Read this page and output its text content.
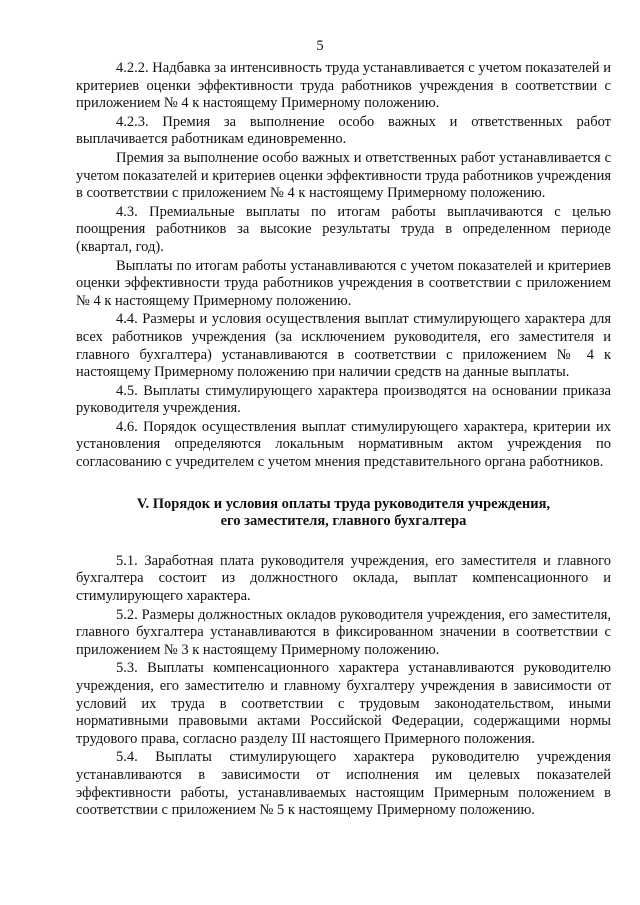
5

4.2.2. Надбавка за интенсивность труда устанавливается с учетом показателей и критериев оценки эффективности труда работников учреждения в соответствии с приложением № 4 к настоящему Примерному положению.

4.2.3. Премия за выполнение особо важных и ответственных работ выплачивается работникам единовременно.

Премия за выполнение особо важных и ответственных работ устанавливается с учетом показателей и критериев оценки эффективности труда работников учреждения в соответствии с приложением № 4 к настоящему Примерному положению.

4.3. Премиальные выплаты по итогам работы выплачиваются с целью поощрения работников за высокие результаты труда в определенном периоде (квартал, год).

Выплаты по итогам работы устанавливаются с учетом показателей и критериев оценки эффективности труда работников учреждения в соответствии с приложением № 4 к настоящему Примерному положению.

4.4. Размеры и условия осуществления выплат стимулирующего характера для всех работников учреждения (за исключением руководителя, его заместителя и главного бухгалтера) устанавливаются в соответствии с приложением № 4 к настоящему Примерному положению при наличии средств на данные выплаты.

4.5. Выплаты стимулирующего характера производятся на основании приказа руководителя учреждения.

4.6. Порядок осуществления выплат стимулирующего характера, критерии их установления определяются локальным нормативным актом учреждения по согласованию с учредителем с учетом мнения представительного органа работников.

V. Порядок и условия оплаты труда руководителя учреждения,
его заместителя, главного бухгалтера

5.1. Заработная плата руководителя учреждения, его заместителя и главного бухгалтера состоит из должностного оклада, выплат компенсационного и стимулирующего характера.

5.2. Размеры должностных окладов руководителя учреждения, его заместителя, главного бухгалтера устанавливаются в фиксированном значении в соответствии с приложением № 3 к настоящему Примерному положению.

5.3. Выплаты компенсационного характера устанавливаются руководителю учреждения, его заместителю и главному бухгалтеру учреждения в зависимости от условий их труда в соответствии с трудовым законодательством, иными нормативными правовыми актами Российской Федерации, содержащими нормы трудового права, согласно разделу III настоящего Примерного положения.

5.4. Выплаты стимулирующего характера руководителю учреждения устанавливаются в зависимости от исполнения им целевых показателей эффективности работы, устанавливаемых настоящим Примерным положением в соответствии с приложением № 5 к настоящему Примерному положению.
